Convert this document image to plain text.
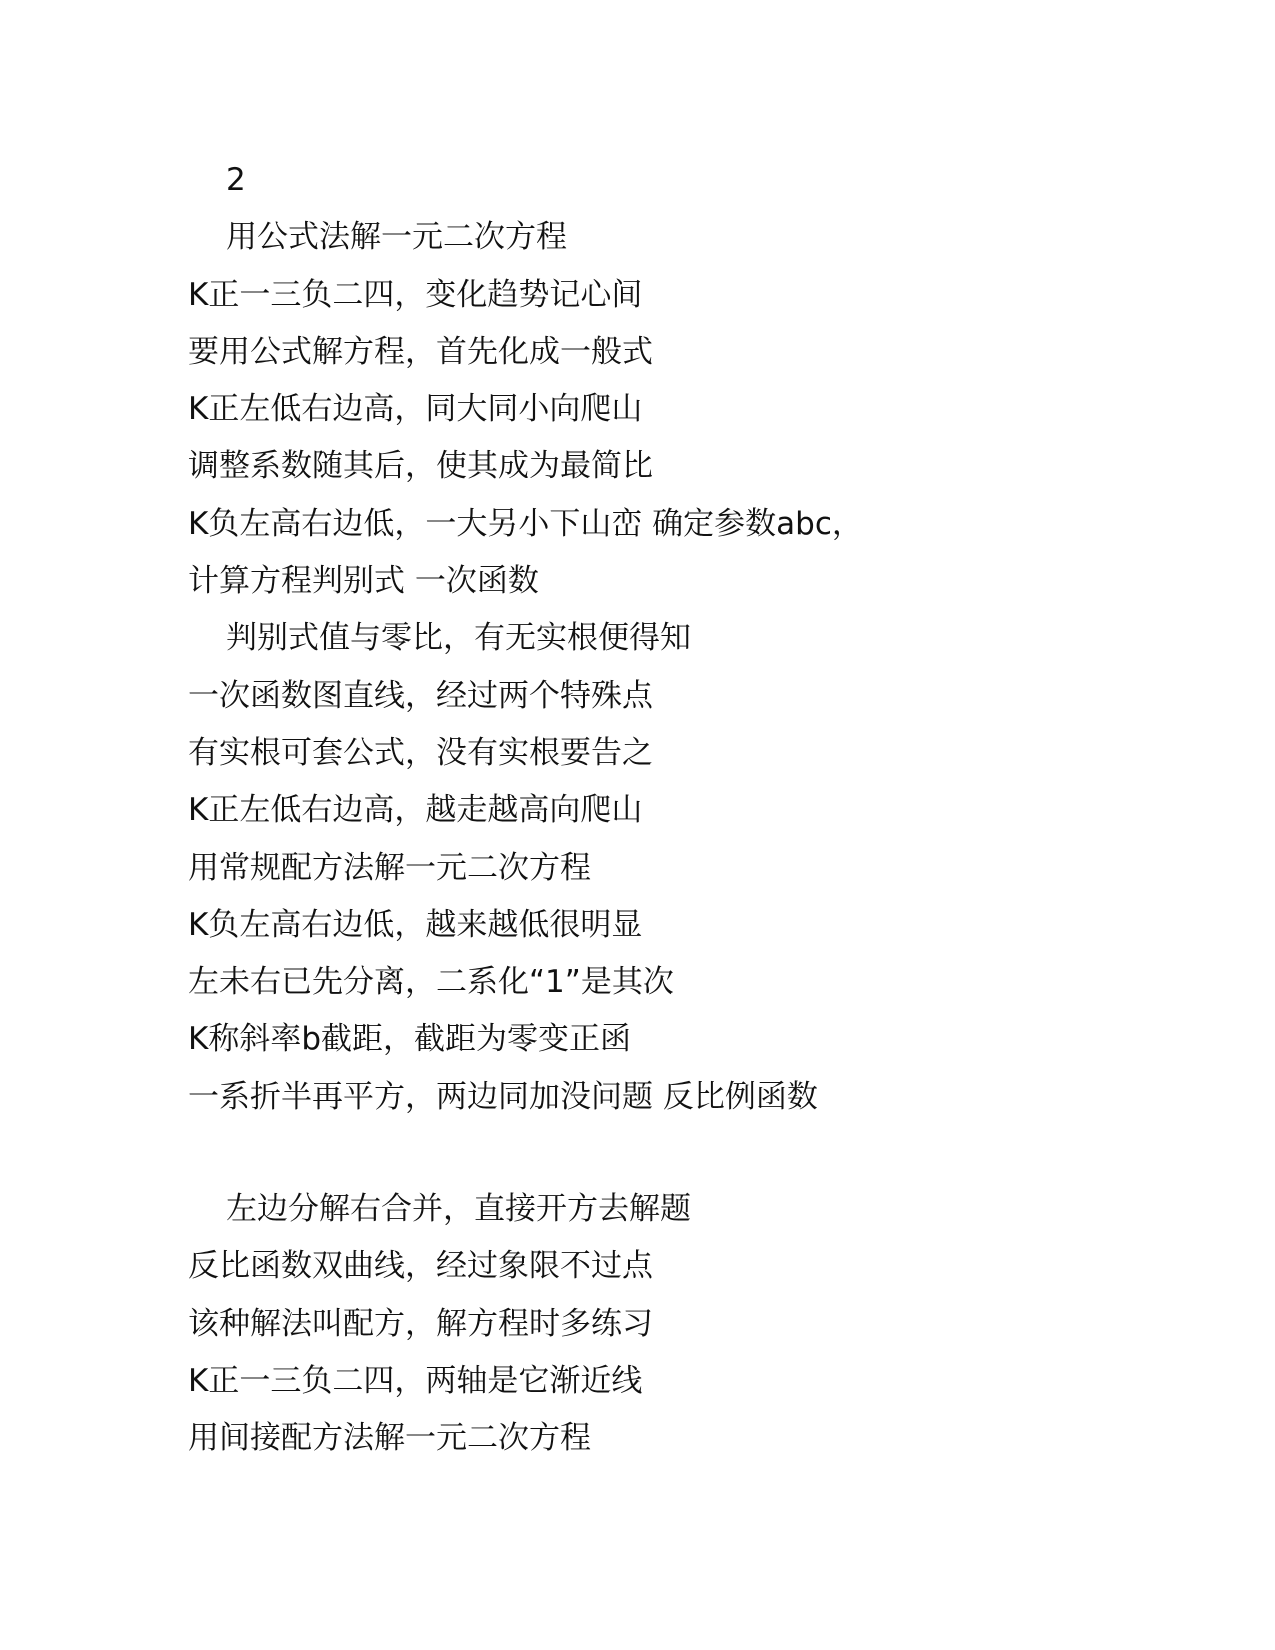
2
用公式法解一元二次方程
K正一三负二四，变化趋势记心间
要用公式解方程，首先化成一般式
K正左低右边高，同大同小向爬山
调整系数随其后，使其成为最简比
K负左高右边低，一大另小下山峦 确定参数abc，
计算方程判别式 一次函数
判别式值与零比，有无实根便得知
一次函数图直线，经过两个特殊点
有实根可套公式，没有实根要告之
K正左低右边高，越走越高向爬山
用常规配方法解一元二次方程
K负左高右边低，越来越低很明显
左未右已先分离，二系化“1”是其次
K称斜率b截距，截距为零变正函
一系折半再平方，两边同加没问题 反比例函数
左边分解右合并，直接开方去解题
反比函数双曲线，经过象限不过点
该种解法叫配方，解方程时多练习
K正一三负二四，两轴是它渐近线
用间接配方法解一元二次方程
